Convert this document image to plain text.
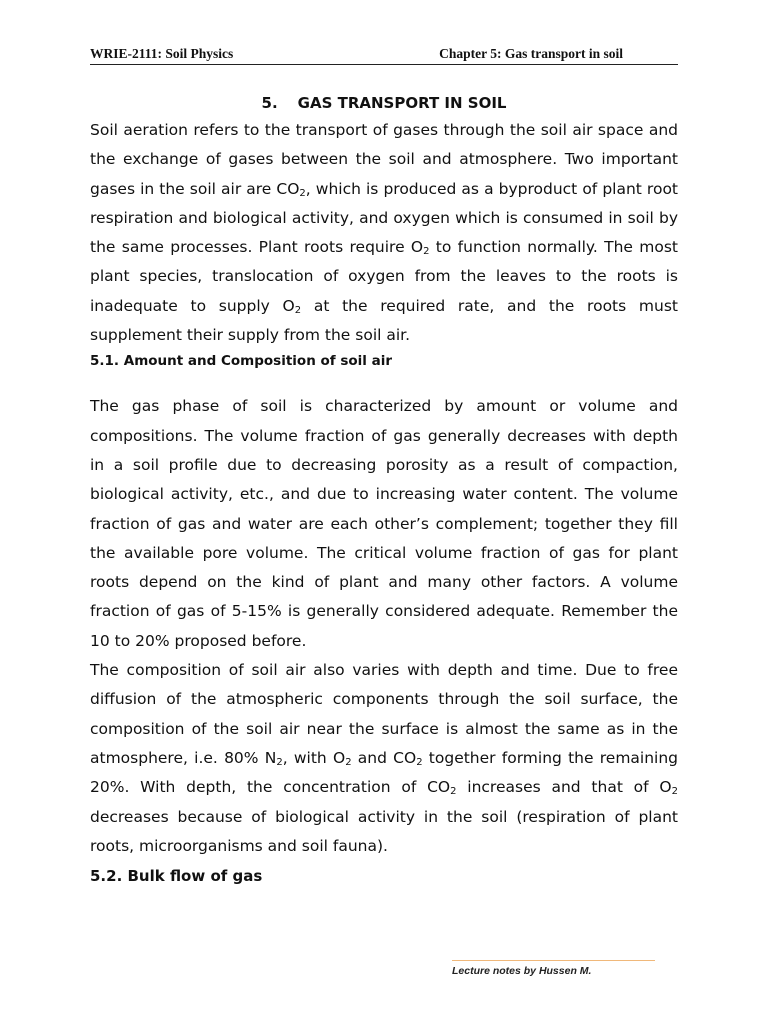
WRIE-2111: Soil Physics	Chapter 5: Gas transport in soil
5. GAS TRANSPORT IN SOIL

Soil aeration refers to the transport of gases through the soil air space and the exchange of gases between the soil and atmosphere. Two important gases in the soil air are $CO_2$, which is produced as a byproduct of plant root respiration and biological activity, and oxygen which is consumed in soil by the same processes. Plant roots require $O_2$ to function normally. The most plant species, translocation of oxygen from the leaves to the roots is inadequate to supply $O_2$ at the required rate, and the roots must supplement their supply from the soil air.

5.1. Amount and Composition of soil air

The gas phase of soil is characterized by amount or volume and compositions. The volume fraction of gas generally decreases with depth in a soil profile due to decreasing porosity as a result of compaction, biological activity, etc., and due to increasing water content. The volume fraction of gas and water are each other’s complement; together they fill the available pore volume. The critical volume fraction of gas for plant roots depend on the kind of plant and many other factors. A volume fraction of gas of 5-15% is generally considered adequate. Remember the 10 to 20% proposed before.

The composition of soil air also varies with depth and time. Due to free diffusion of the atmospheric components through the soil surface, the composition of the soil air near the surface is almost the same as in the atmosphere, i.e. 80% $N_2$, with $O_2$ and $CO_2$ together forming the remaining 20%. With depth, the concentration of $CO_2$ increases and that of $O_2$ decreases because of biological activity in the soil (respiration of plant roots, microorganisms and soil fauna).

5.2. Bulk flow of gas
Lecture notes by Hussen M.
